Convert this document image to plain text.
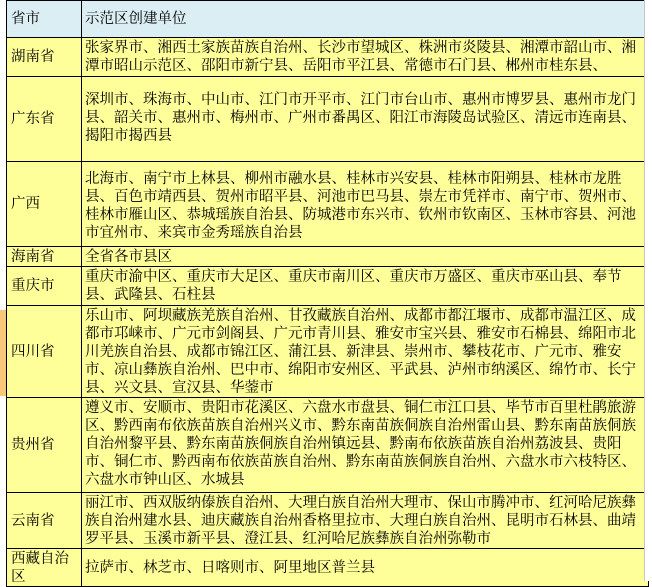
省市	示范区创建单位
湖南省	张家界市、湘西土家族苗族自治州、长沙市望城区、株洲市炎陵县、湘潭市韶山市、湘潭市昭山示范区、邵阳市新宁县、岳阳市平江县、常德市石门县、郴州市桂东县、
广东省	深圳市、珠海市、中山市、江门市开平市、江门市台山市、惠州市博罗县、惠州市龙门县、韶关市、惠州市、梅州市、广州市番禺区、阳江市海陵岛试验区、清远市连南县、揭阳市揭西县
广西	北海市、南宁市上林县、柳州市融水县、桂林市兴安县、桂林市阳朔县、桂林市龙胜县、百色市靖西县、贺州市昭平县、河池市巴马县、崇左市凭祥市、南宁市、贺州市、桂林市雁山区、恭城瑶族自治县、防城港市东兴市、钦州市钦南区、玉林市容县、河池市宜州市、来宾市金秀瑶族自治县
海南省	全省各市县区
重庆市	重庆市渝中区、重庆市大足区、重庆市南川区、重庆市万盛区、重庆市巫山县、奉节县、武隆县、石柱县
四川省	乐山市、阿坝藏族羌族自治州、甘孜藏族自治州、成都市都江堰市、成都市温江区、成都市邛崃市、广元市剑阁县、广元市青川县、雅安市宝兴县、雅安市石棉县、绵阳市北川羌族自治县、成都市锦江区、蒲江县、新津县、崇州市、攀枝花市、广元市、雅安市、凉山彝族自治州、巴中市、绵阳市安州区、平武县、泸州市纳溪区、绵竹市、长宁县、兴文县、宣汉县、华蓥市
贵州省	遵义市、安顺市、贵阳市花溪区、六盘水市盘县、铜仁市江口县、毕节市百里杜鹃旅游区、黔西南布依族苗族自治州兴义市、黔东南苗族侗族自治州雷山县、黔东南苗族侗族自治州黎平县、黔东南苗族侗族自治州镇远县、黔南布依族苗族自治州荔波县、贵阳市、铜仁市、黔西南布依族苗族自治州、黔东南苗族侗族自治州、六盘水市六枝特区、六盘水市钟山区、水城县
云南省	丽江市、西双版纳傣族自治州、大理白族自治州大理市、保山市腾冲市、红河哈尼族彝族自治州建水县、迪庆藏族自治州香格里拉市、大理白族自治州、昆明市石林县、曲靖罗平县、玉溪市新平县、澄江县、红河哈尼族彝族自治州弥勒市
西藏自治区	拉萨市、林芝市、日喀则市、阿里地区普兰县
